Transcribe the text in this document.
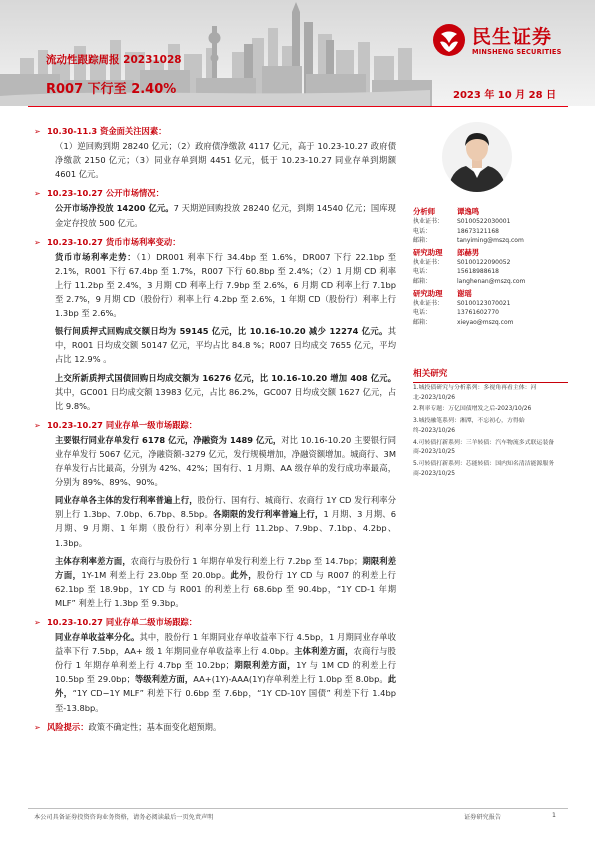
民生证券
MINSHENG SECURITIES
流动性跟踪周报 20231028
R007 下行至 2.40%	2023 年 10 月 28 日
➢ 10.30-11.3 资金面关注因素：

（1）逆回购到期 28240 亿元；（2）政府债净缴款 4117 亿元，高于 10.23-10.27 政府债净缴款 2150 亿元；（3）同业存单到期 4451 亿元，低于 10.23-10.27 同业存单到期额 4601 亿元。

➢ 10.23-10.27 公开市场情况：

公开市场净投放 14200 亿元。7 天期逆回购投放 28240 亿元，到期 14540 亿元；国库现金定存投放 500 亿元。

➢ 10.23-10.27 货币市场利率变动：

货币市场利率走势：（1）DR001 利率下行 34.4bp 至 1.6%，DR007 下行 22.1bp 至 2.1%，R001 下行 67.4bp 至 1.7%，R007 下行 60.8bp 至 2.4%；（2）1 月期 CD 利率上行 11.2bp 至 2.4%，3 月期 CD 利率上行 7.9bp 至 2.6%，6 月期 CD 利率上行 7.1bp 至 2.7%，9 月期 CD（股份行）利率上行 4.2bp 至 2.6%，1 年期 CD（股份行）利率上行 1.3bp 至 2.6%。

银行间质押式回购成交额日均为 59145 亿元，比 10.16-10.20 减少 12274 亿元。其中，R001 日均成交额 50147 亿元，平均占比 84.8 %；R007 日均成交 7655 亿元，平均占比 12.9% 。

上交所新质押式国债回购日均成交额为 16276 亿元，比 10.16-10.20 增加 408 亿元。其中，GC001 日均成交额 13983 亿元，占比 86.2%，GC007 日均成交额 1627 亿元，占比 9.8%。

➢ 10.23-10.27 同业存单一级市场跟踪：

主要银行同业存单发行 6178 亿元，净融资为 1489 亿元，对比 10.16-10.20 主要银行同业存单发行 5067 亿元，净融资额-3279 亿元，发行规模增加，净融资额增加。城商行、3M 存单发行占比最高，分别为 42%、42%；国有行、1 月期、AA 级存单的发行成功率最高，分别为 89%、89%、90%。

同业存单各主体的发行利率普遍上行，股份行、国有行、城商行、农商行 1Y CD 发行利率分别上行 1.3bp、7.0bp、6.7bp、8.5bp。各期限的发行利率普遍上行，1 月期、3 月期、6 月期、9 月期、1 年期（股份行）利率分别上行 11.2bp、7.9bp、7.1bp、4.2bp、1.3bp。

主体存利率差方面，农商行与股份行 1 年期存单发行利差上行 7.2bp 至 14.7bp；期限利差方面，1Y-1M 利差上行 23.0bp 至 20.0bp。此外，股份行 1Y CD 与 R007 的利差上行 62.1bp 至 18.9bp，1Y CD 与 R001 的利差上行 68.6bp 至 90.4bp，“1Y CD-1 年期 MLF” 利差上行 1.3bp 至 9.3bp。

➢ 10.23-10.27 同业存单二级市场跟踪：

同业存单收益率分化。其中，股份行 1 年期同业存单收益率下行 4.5bp，1 月期同业存单收益率下行 7.5bp，AA+ 级 1 年期同业存单收益率上行 4.0bp。主体利差方面，农商行与股份行 1 年期存单利差上行 4.7bp 至 10.2bp；期限利差方面，1Y 与 1M CD 的利差上行 10.5bp 至 29.0bp；等级利差方面，AA+(1Y)-AAA(1Y)存单利差上行 1.0bp 至 8.0bp。此外，“1Y CD−1Y MLF” 利差下行 0.6bp 至 7.6bp，“1Y CD-10Y 国债” 利差下行 1.4bp 至-13.8bp。

➢ 风险提示： 政策不确定性；基本面变化超预期。
分析师	谭逸鸣
执业证书：	S0100522030001
电话：	18673121168
邮箱：	tanyiming@mszq.com
研究助理	郎赫男
执业证书：	S0100122090052
电话：	15618988618
邮箱：	langhenan@mszq.com
研究助理	谢瑶
执业证书：	S0100123070021
电话：	13761602770
邮箱：	xieyao@mszq.com
相关研究
1.城投债研究与分析系列：多视角再看主体：河北-2023/10/26
2.利率专题：万亿国债增发之后-2023/10/26
3.城投融笔系列：湘潭，不忘初心，方得始终-2023/10/26
4.可转债打新系列：三羊转债：汽车物流多式联运装备商-2023/10/25
5.可转债打新系列：芯能转债：国内知名清洁能源服务商-2023/10/25
本公司具备证券投资咨询业务资格，请务必阅读最后一页免责声明	证券研究报告	1
